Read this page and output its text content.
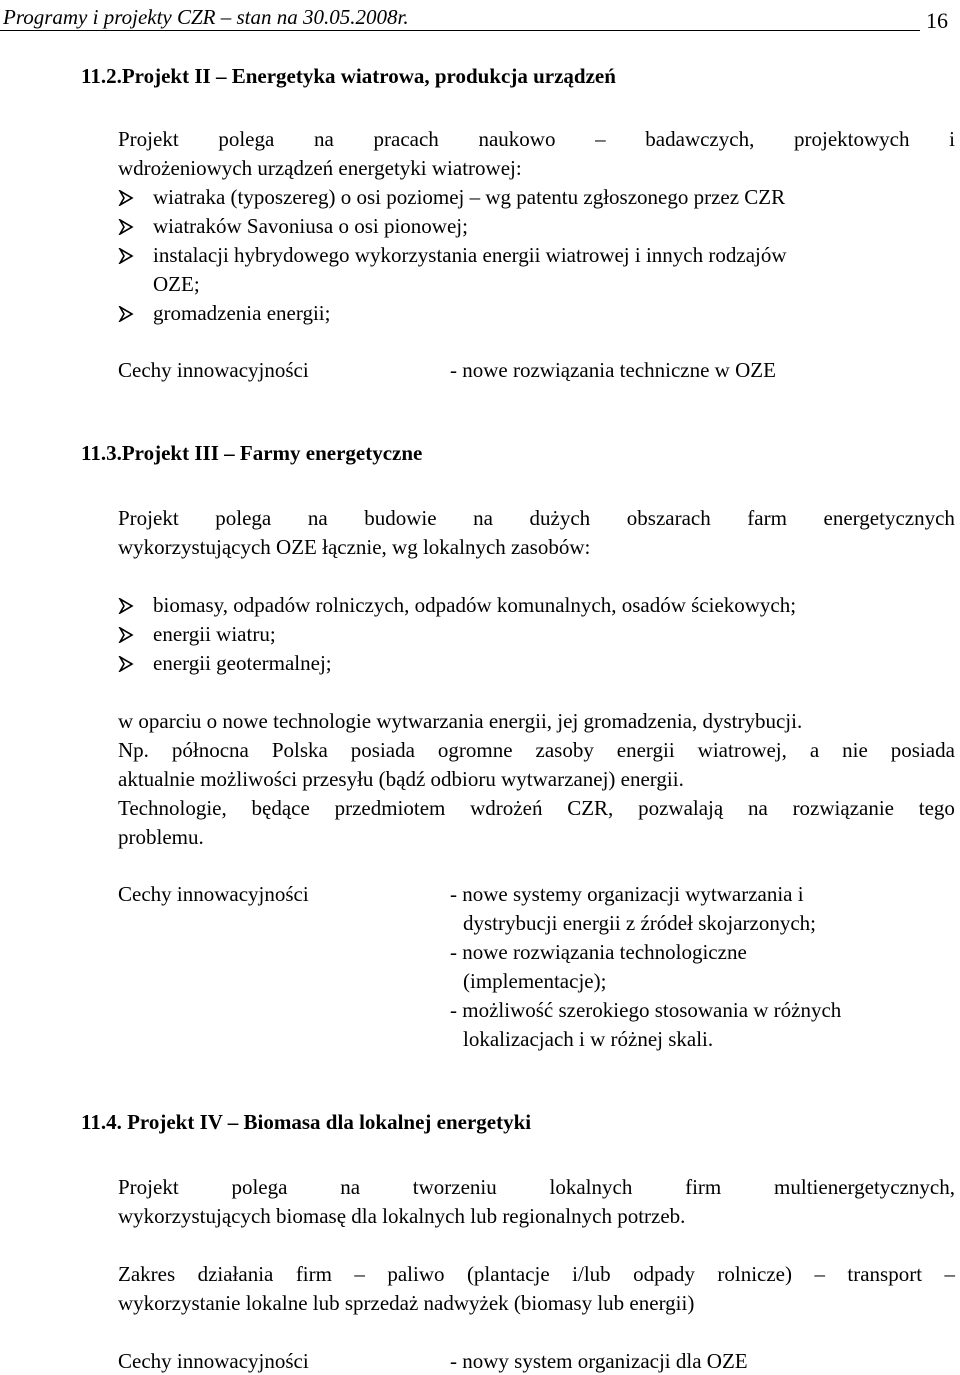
Programy i projekty CZR – stan na 30.05.2008r.	16
11.2.Projekt II – Energetyka wiatrowa, produkcja urządzeń
Projekt polega na pracach naukowo – badawczych, projektowych i
wdrożeniowych urządzeń energetyki wiatrowej:
wiatraka (typoszereg) o osi poziomej – wg patentu zgłoszonego przez CZR
wiatraków Savoniusa o osi pionowej;
instalacji hybrydowego wykorzystania energii wiatrowej i innych rodzajów
OZE;
gromadzenia energii;
Cechy innowacyjności	- nowe rozwiązania techniczne w OZE
11.3.Projekt III – Farmy energetyczne
Projekt polega na budowie na dużych obszarach farm energetycznych
wykorzystujących OZE łącznie, wg lokalnych zasobów:
biomasy, odpadów rolniczych, odpadów komunalnych, osadów ściekowych;
energii wiatru;
energii geotermalnej;
w oparciu o nowe technologie wytwarzania energii, jej gromadzenia, dystrybucji.
Np. północna Polska posiada ogromne zasoby energii wiatrowej, a nie posiada
aktualnie możliwości przesyłu (bądź odbioru wytwarzanej) energii.
Technologie, będące przedmiotem wdrożeń CZR, pozwalają na rozwiązanie tego
problemu.
Cechy innowacyjności	- nowe systemy organizacji wytwarzania i
dystrybucji energii z źródeł skojarzonych;
- nowe rozwiązania technologiczne
(implementacje);
- możliwość szerokiego stosowania w różnych
lokalizacjach i w różnej skali.
11.4. Projekt IV – Biomasa dla lokalnej energetyki
Projekt	polega	na	tworzeniu	lokalnych	firm	multienergetycznych,
wykorzystujących biomasę dla lokalnych lub regionalnych potrzeb.
Zakres działania firm – paliwo (plantacje i/lub odpady rolnicze) – transport –
wykorzystanie lokalne lub sprzedaż nadwyżek (biomasy lub energii)
Cechy innowacyjności	- nowy system organizacji dla OZE
